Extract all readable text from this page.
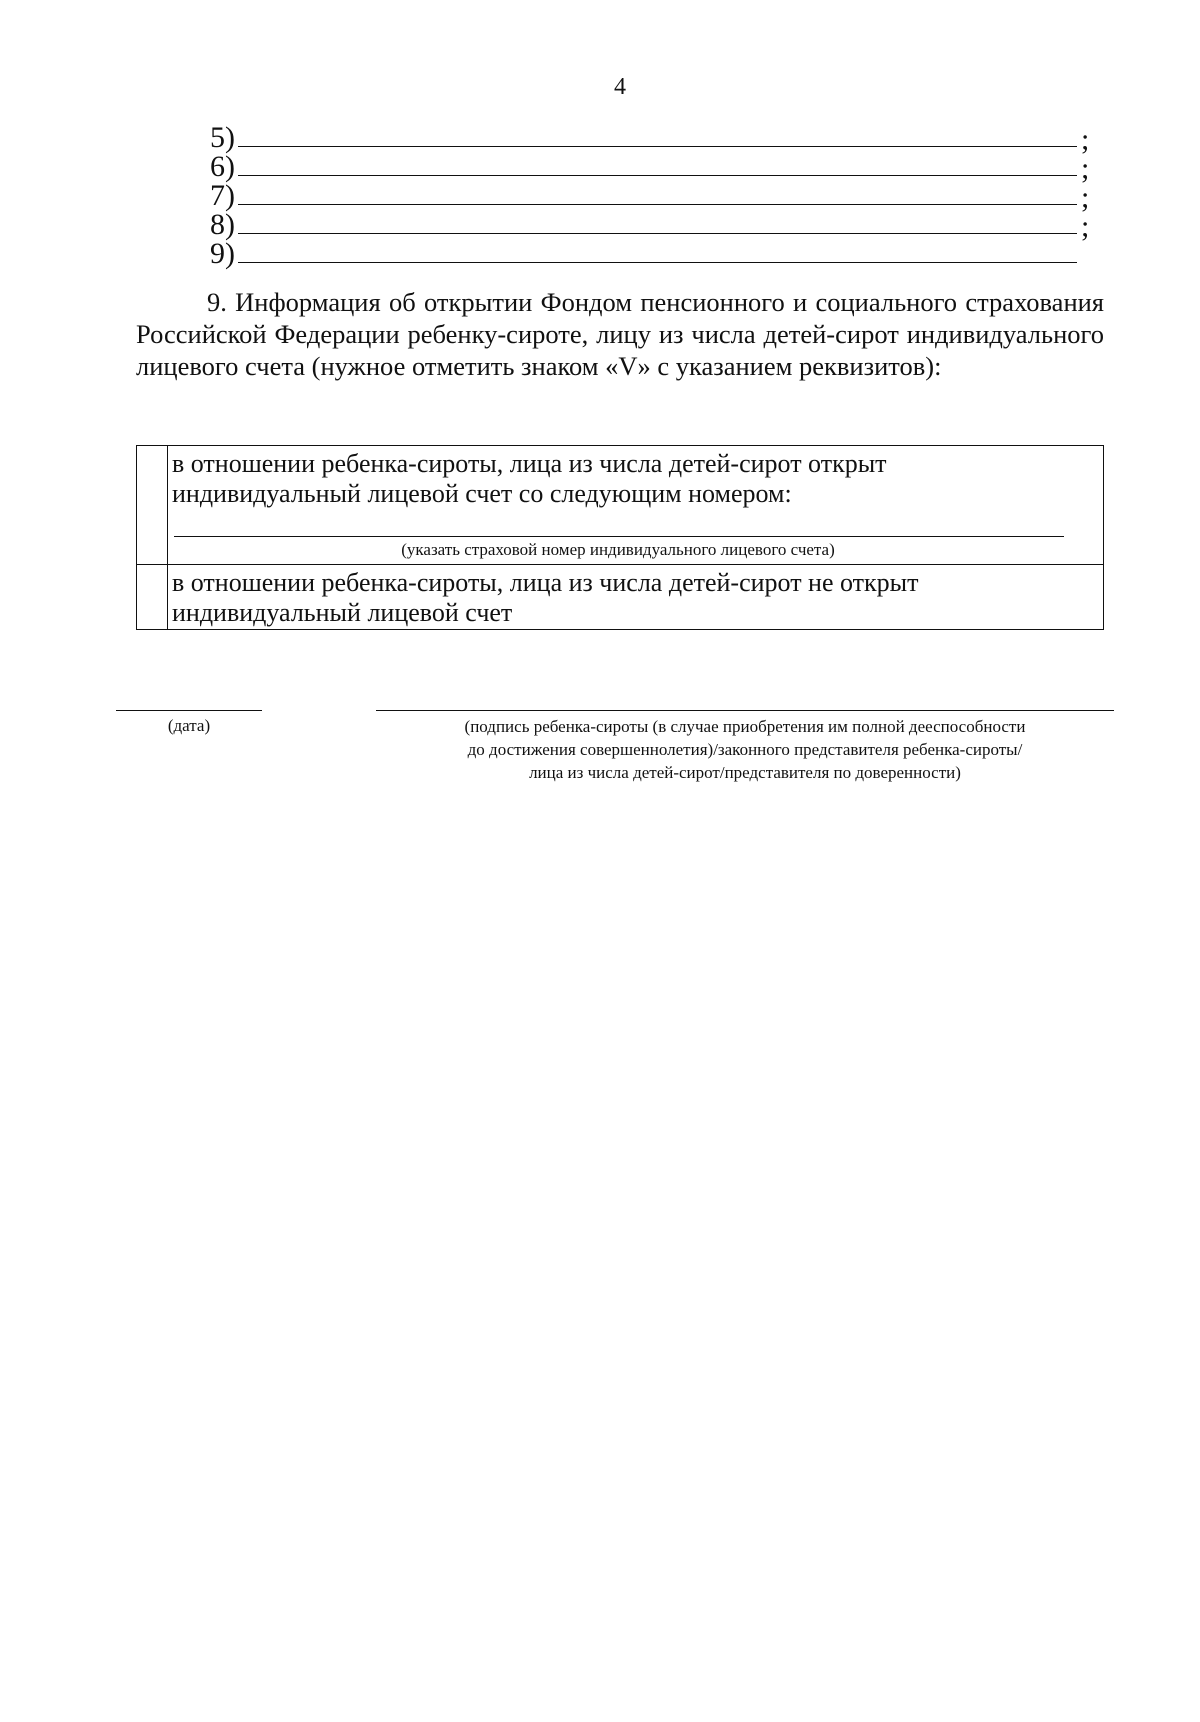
4
5)	;
6)	;
7)	;
8)	;
9)

9. Информация об открытии Фондом пенсионного и социального страхования Российской Федерации ребенку-сироте, лицу из числа детей-сирот индивидуального лицевого счета (нужное отметить знаком «V» с указанием реквизитов):

в отношении ребенка-сироты, лица из числа детей-сирот открыт
индивидуальный лицевой счет со следующим номером:
(указать страховой номер индивидуального лицевого счета)
в отношении ребенка-сироты, лица из числа детей-сирот не открыт
индивидуальный лицевой счет
(дата)	(подпись ребенка-сироты (в случае приобретения им полной дееспособности
до достижения совершеннолетия)/законного представителя ребенка-сироты/
лица из числа детей-сирот/представителя по доверенности)
